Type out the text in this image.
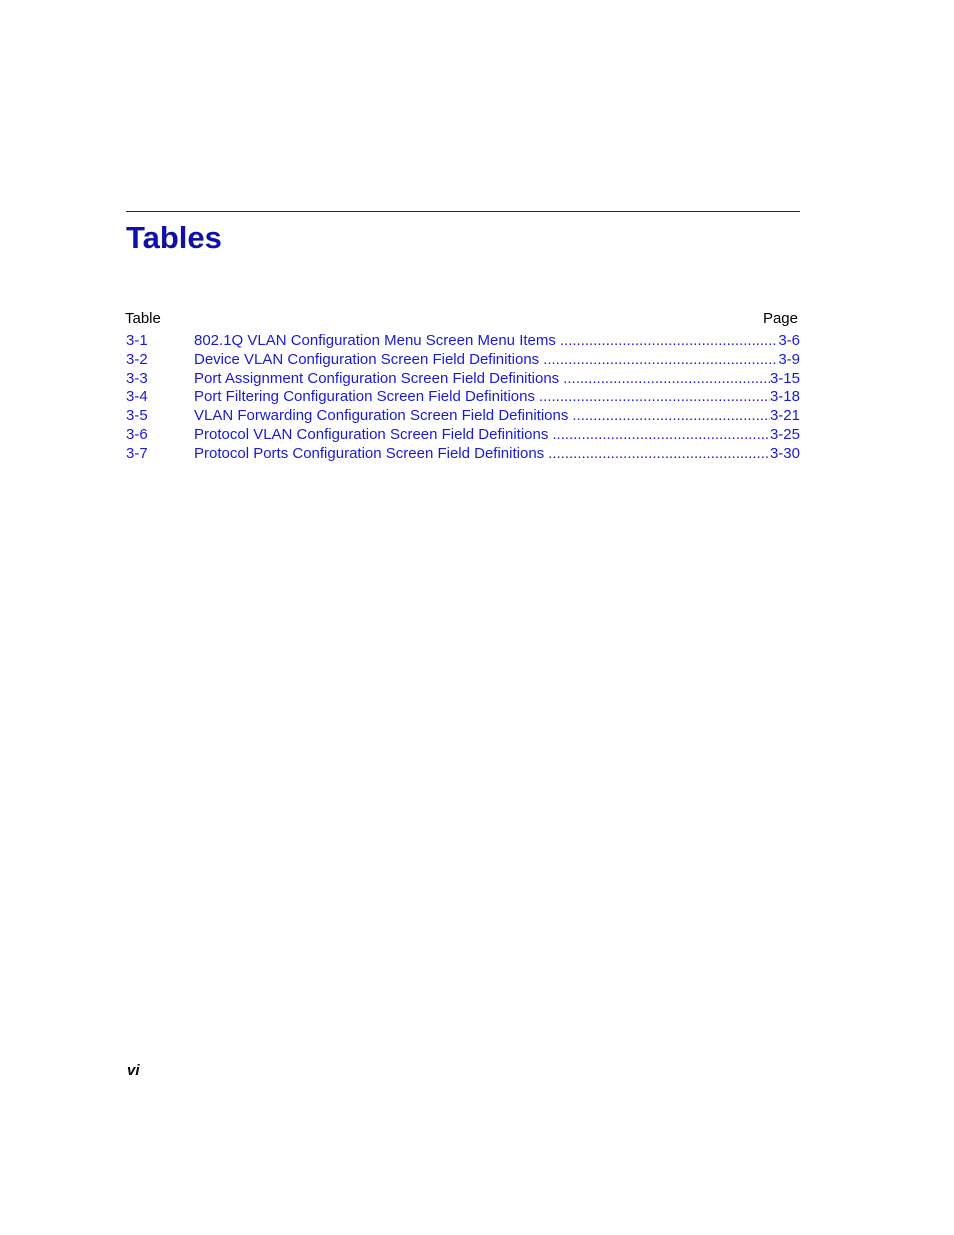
Tables
Table	Page
3-1	802.1Q VLAN Configuration Menu Screen Menu Items .....	3-6
3-2	Device VLAN Configuration Screen Field Definitions .....	3-9
3-3	Port Assignment Configuration Screen Field Definitions .....	3-15
3-4	Port Filtering Configuration Screen Field Definitions .....	3-18
3-5	VLAN Forwarding Configuration Screen Field Definitions .....	3-21
3-6	Protocol VLAN Configuration Screen Field Definitions .....	3-25
3-7	Protocol Ports Configuration Screen Field Definitions .....	3-30
vi
